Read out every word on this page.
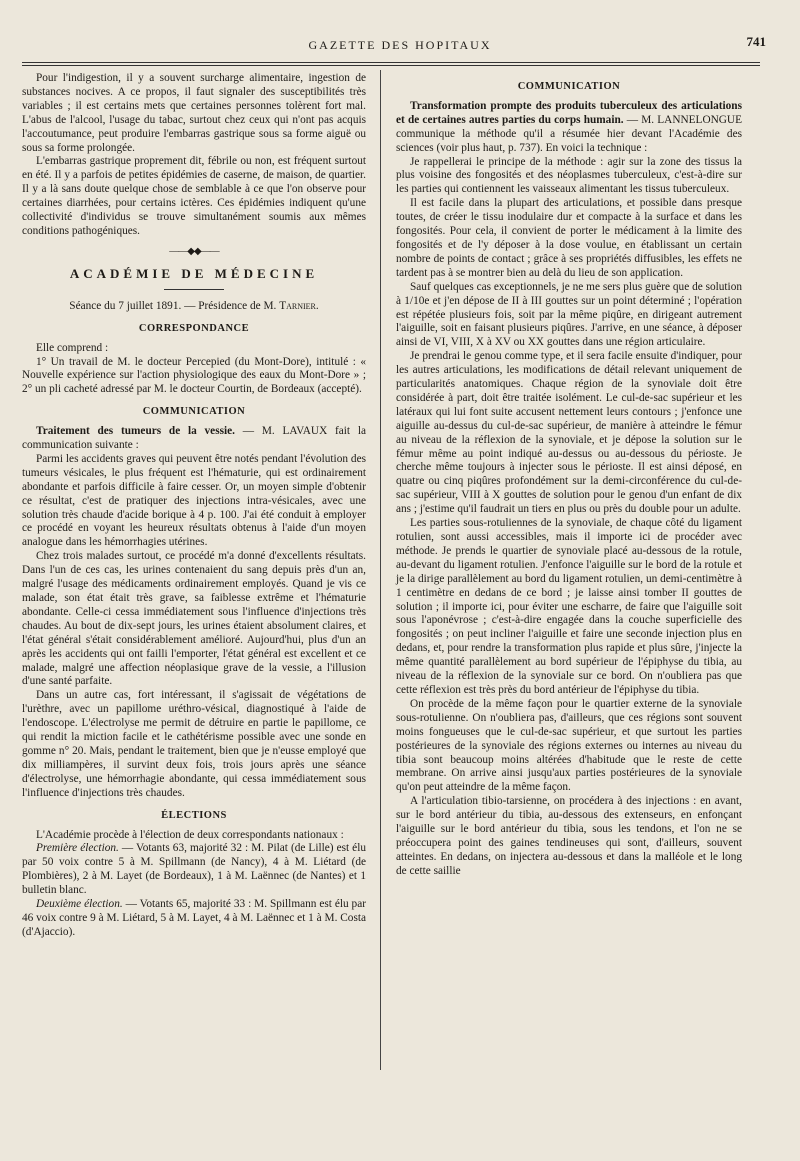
GAZETTE DES HOPITAUX	741

Pour l'indigestion, il y a souvent surcharge alimentaire, ingestion de substances nocives. A ce propos, il faut signaler des susceptibilités très variables ; il est certains mets que certaines personnes tolèrent fort mal. L'abus de l'alcool, l'usage du tabac, surtout chez ceux qui n'ont pas acquis l'accoutumance, peut produire l'embarras gastrique sous sa forme aiguë ou sous sa forme prolongée.

L'embarras gastrique proprement dit, fébrile ou non, est fréquent surtout en été. Il y a parfois de petites épidémies de caserne, de maison, de quartier. Il y a là sans doute quelque chose de semblable à ce que l'on observe pour certaines diarrhées, pour certains ictères. Ces épidémies indiquent qu'une collectivité d'individus se trouve simultanément soumis aux mêmes conditions pathogéniques.

——◆◆——
ACADÉMIE DE MÉDECINE

Séance du 7 juillet 1891. — Présidence de M. Tarnier.

CORRESPONDANCE

Elle comprend :

1° Un travail de M. le docteur Percepied (du Mont-Dore), intitulé : « Nouvelle expérience sur l'action physiologique des eaux du Mont-Dore » ; 2° un pli cacheté adressé par M. le docteur Courtin, de Bordeaux (accepté).

COMMUNICATION

Traitement des tumeurs de la vessie. — M. LAVAUX fait la communication suivante :

Parmi les accidents graves qui peuvent être notés pendant l'évolution des tumeurs vésicales, le plus fréquent est l'hématurie, qui est ordinairement abondante et parfois difficile à faire cesser. Or, un moyen simple d'obtenir ce résultat, c'est de pratiquer des injections intra-vésicales, avec une solution très chaude d'acide borique à 4 p. 100. J'ai été conduit à employer ce procédé en voyant les heureux résultats obtenus à l'aide d'un moyen analogue dans les hémorrhagies utérines.

Chez trois malades surtout, ce procédé m'a donné d'excellents résultats. Dans l'un de ces cas, les urines contenaient du sang depuis près d'un an, malgré l'usage des médicaments ordinairement employés. Quand je vis ce malade, son état était très grave, sa faiblesse extrême et l'hématurie abondante. Celle-ci cessa immédiatement sous l'influence d'injections très chaudes. Au bout de dix-sept jours, les urines étaient absolument claires, et l'état général s'était considérablement amélioré. Aujourd'hui, plus d'un an après les accidents qui ont failli l'emporter, l'état général est excellent et ce malade, malgré une affection néoplasique grave de la vessie, a l'illusion d'une santé parfaite.

Dans un autre cas, fort intéressant, il s'agissait de végétations de l'urèthre, avec un papillome uréthro-vésical, diagnostiqué à l'aide de l'endoscope. L'électrolyse me permit de détruire en partie le papillome, ce qui rendit la miction facile et le cathétérisme possible avec une sonde en gomme n° 20. Mais, pendant le traitement, bien que je n'eusse employé que dix milliampères, il survint deux fois, trois jours après une séance d'électrolyse, une hémorrhagie abondante, qui cessa immédiatement sous l'influence d'injections très chaudes.

ÉLECTIONS

L'Académie procède à l'élection de deux correspondants nationaux :

Première élection. — Votants 63, majorité 32 : M. Pilat (de Lille) est élu par 50 voix contre 5 à M. Spillmann (de Nancy), 4 à M. Liétard (de Plombières), 2 à M. Layet (de Bordeaux), 1 à M. Laënnec (de Nantes) et 1 bulletin blanc.

Deuxième élection. — Votants 65, majorité 33 : M. Spillmann est élu par 46 voix contre 9 à M. Liétard, 5 à M. Layet, 4 à M. Laënnec et 1 à M. Costa (d'Ajaccio).

COMMUNICATION

Transformation prompte des produits tuberculeux des articulations et de certaines autres parties du corps humain. — M. LANNELONGUE communique la méthode qu'il a résumée hier devant l'Académie des sciences (voir plus haut, p. 737). En voici la technique :

Je rappellerai le principe de la méthode : agir sur la zone des tissus la plus voisine des fongosités et des néoplasmes tuberculeux, c'est-à-dire sur les parties qui contiennent les vaisseaux alimentant les tissus tuberculeux.

Il est facile dans la plupart des articulations, et possible dans presque toutes, de créer le tissu inodulaire dur et compacte à la surface et dans les fongosités. Pour cela, il convient de porter le médicament à la limite des fongosités et de l'y déposer à la dose voulue, en établissant un certain nombre de points de contact ; grâce à ses propriétés diffusibles, les effets ne tardent pas à se montrer bien au delà du lieu de son application.

Sauf quelques cas exceptionnels, je ne me sers plus guère que de solution à 1/10e et j'en dépose de II à III gouttes sur un point déterminé ; l'opération est répétée plusieurs fois, soit par la même piqûre, en dirigeant autrement l'aiguille, soit en faisant plusieurs piqûres. J'arrive, en une séance, à déposer ainsi de VI, VIII, X à XV ou XX gouttes dans une région articulaire.

Je prendrai le genou comme type, et il sera facile ensuite d'indiquer, pour les autres articulations, les modifications de détail relevant uniquement de particularités anatomiques. Chaque région de la synoviale doit être considérée à part, doit être traitée isolément. Le cul-de-sac supérieur et les latéraux qui lui font suite accusent nettement leurs contours ; j'enfonce une aiguille au-dessus du cul-de-sac supérieur, de manière à atteindre le fémur au niveau de la réflexion de la synoviale, et je dépose la solution sur le fémur même au point indiqué au-dessus ou au-dessous du périoste. Je cherche même toujours à injecter sous le périoste. Il est ainsi déposé, en quatre ou cinq piqûres profondément sur la demi-circonférence du cul-de-sac supérieur, VIII à X gouttes de solution pour le genou d'un enfant de dix ans ; j'estime qu'il faudrait un tiers en plus ou près du double pour un adulte.

Les parties sous-rotuliennes de la synoviale, de chaque côté du ligament rotulien, sont aussi accessibles, mais il importe ici de procéder avec méthode. Je prends le quartier de synoviale placé au-dessous de la rotule, au-devant du ligament rotulien. J'enfonce l'aiguille sur le bord de la rotule et je la dirige parallèlement au bord du ligament rotulien, un demi-centimètre à 1 centimètre en dedans de ce bord ; je laisse ainsi tomber II gouttes de solution ; il importe ici, pour éviter une escharre, de faire que l'aiguille soit sous l'aponévrose ; c'est-à-dire engagée dans la couche superficielle des fongosités ; on peut incliner l'aiguille et faire une seconde injection plus en dedans, et, pour rendre la transformation plus rapide et plus sûre, j'injecte la même quantité parallèlement au bord supérieur de l'épiphyse du tibia, au niveau de la réflexion de la synoviale sur ce bord. On n'oubliera pas que cette réflexion est très près du bord antérieur de l'épiphyse du tibia.

On procède de la même façon pour le quartier externe de la synoviale sous-rotulienne. On n'oubliera pas, d'ailleurs, que ces régions sont souvent moins fongueuses que le cul-de-sac supérieur, et que surtout les parties postérieures de la synoviale des régions externes ou internes au niveau du tibia sont beaucoup moins altérées d'habitude que le reste de cette membrane. On arrive ainsi jusqu'aux parties postérieures de la synoviale qu'on peut atteindre de la même façon.

A l'articulation tibio-tarsienne, on procédera à des injections : en avant, sur le bord antérieur du tibia, au-dessous des extenseurs, en enfonçant l'aiguille sur le bord antérieur du tibia, sous les tendons, et l'on ne se préoccupera point des gaines tendineuses qui sont, d'ailleurs, souvent atteintes. En dedans, on injectera au-dessous et dans la malléole et le long de cette saillie
